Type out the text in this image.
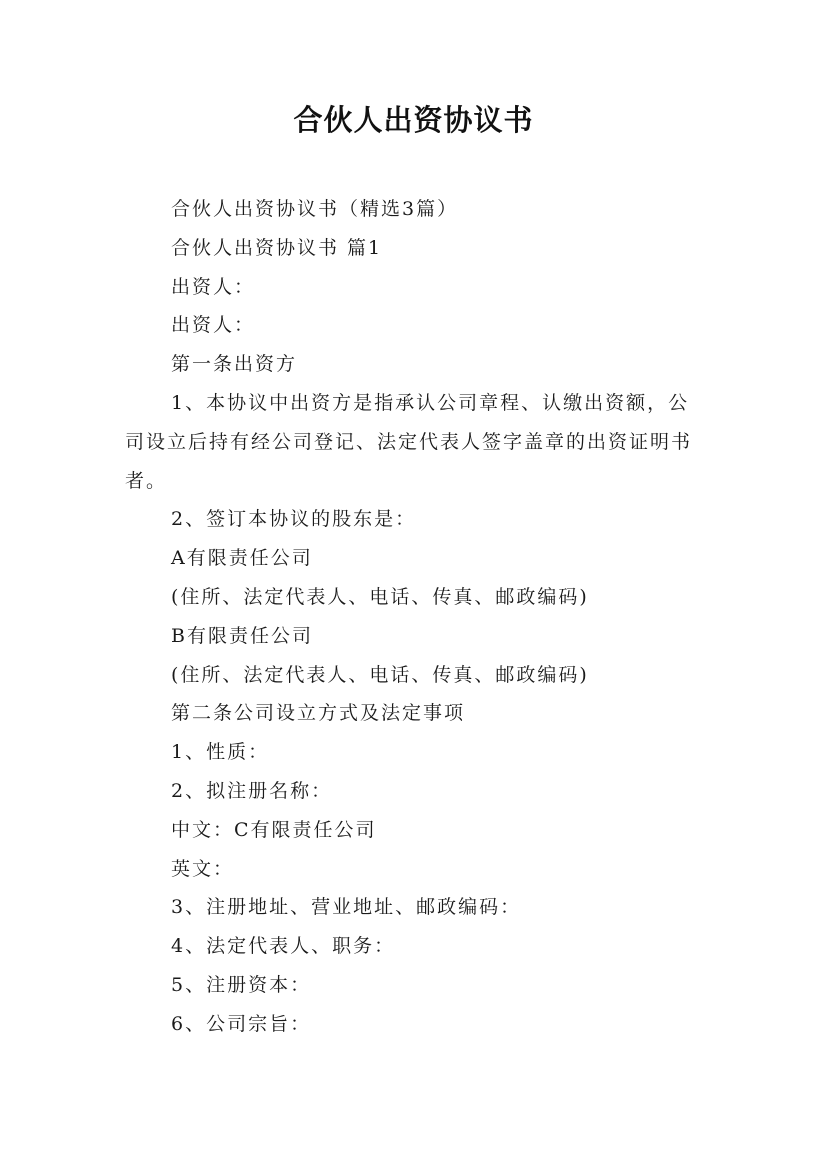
合伙人出资协议书

合伙人出资协议书（精选3篇）

合伙人出资协议书 篇1

出资人：

出资人：

第一条出资方

1、本协议中出资方是指承认公司章程、认缴出资额，公司设立后持有经公司登记、法定代表人签字盖章的出资证明书者。

2、签订本协议的股东是：

A有限责任公司

(住所、法定代表人、电话、传真、邮政编码)

B有限责任公司

(住所、法定代表人、电话、传真、邮政编码)

第二条公司设立方式及法定事项

1、性质：

2、拟注册名称：

中文：C有限责任公司

英文：

3、注册地址、营业地址、邮政编码：

4、法定代表人、职务：

5、注册资本：

6、公司宗旨：
